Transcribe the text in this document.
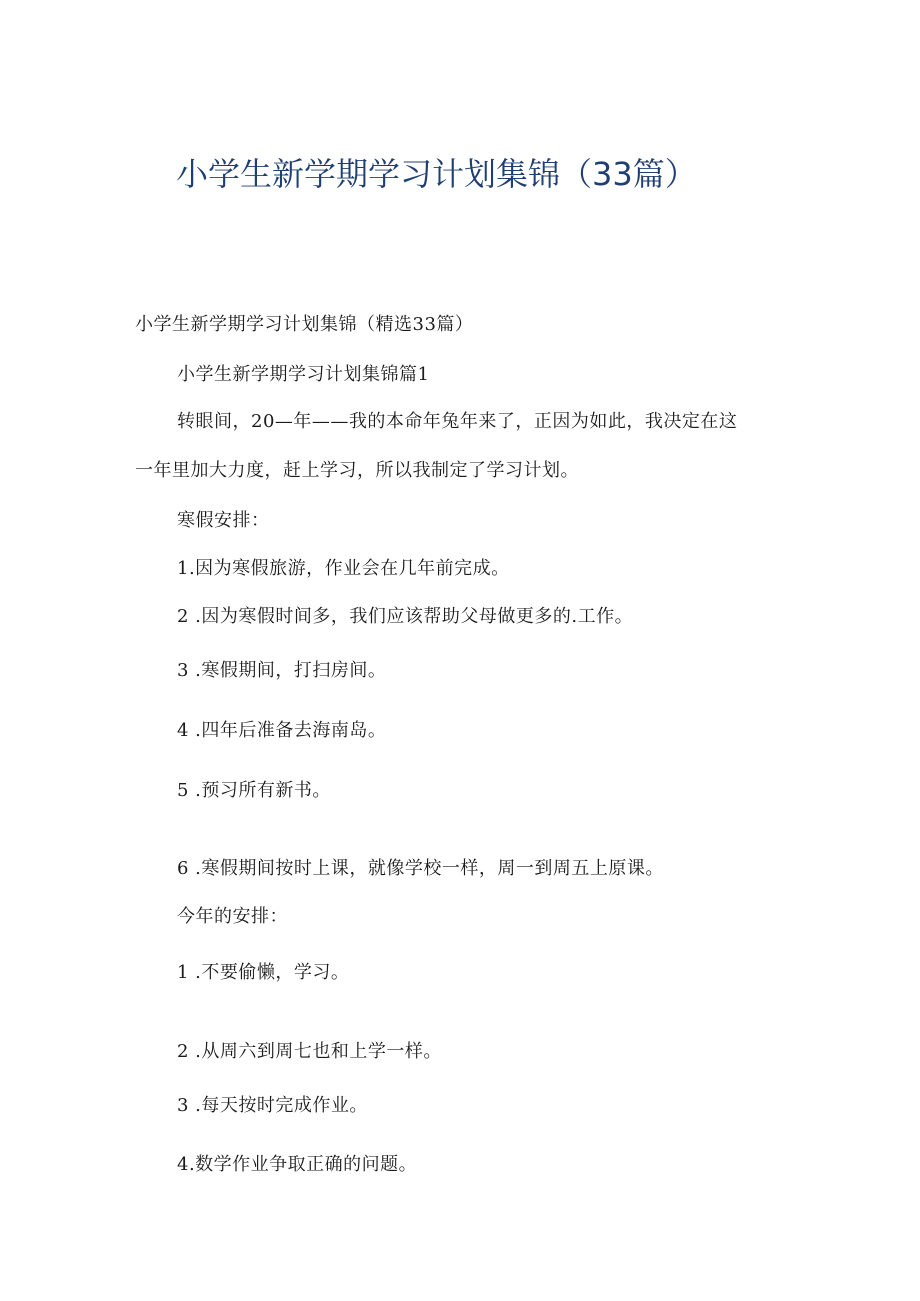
小学生新学期学习计划集锦（33篇）

小学生新学期学习计划集锦（精选33篇）

小学生新学期学习计划集锦篇1

转眼间，20—年——我的本命年兔年来了，正因为如此，我决定在这

一年里加大力度，赶上学习，所以我制定了学习计划。

寒假安排：

1.因为寒假旅游，作业会在几年前完成。

2 .因为寒假时间多，我们应该帮助父母做更多的.工作。

3 .寒假期间，打扫房间。

4 .四年后准备去海南岛。

5 .预习所有新书。

6 .寒假期间按时上课，就像学校一样，周一到周五上原课。

今年的安排：

1 .不要偷懒，学习。

2 .从周六到周七也和上学一样。

3 .每天按时完成作业。

4.数学作业争取正确的问题。
